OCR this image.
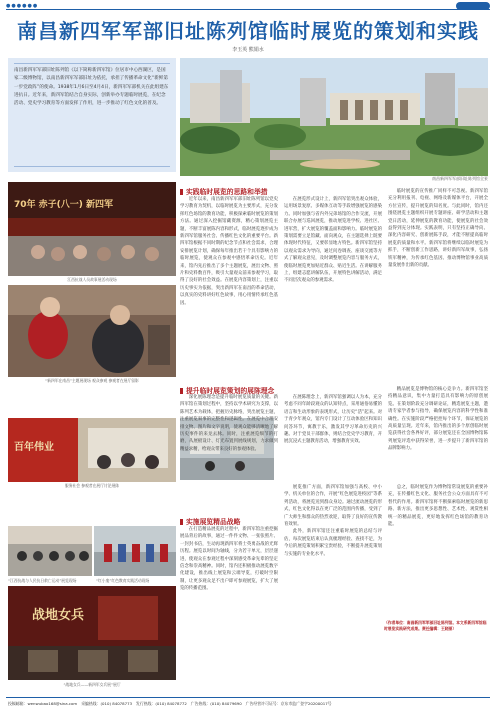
●●●●●●
南昌新四军军部旧址陈列馆临时展览的策划和实践
李玉英 熊娟水
南昌新四军军部旧址陈列馆《以下简称新四军馆》位居市中心西湖区，是国家二级博物馆，以南昌新四军军部旧址为依托，承担了传播革命文化“新鲜第一步党政阵”的使命。1938年1月6日至4月4日，新四军军部机关在此组建东进抗日。近年来，新四军馆结合自身实际，创新举办专题临时展览，在纪念活动、党史学习教育等方面发挥了作用，进一步推动了红色文化的普及。
南昌新四军军部旧址陈列馆全景
70年 赤子(八一) 新四军
江西抗战人员故事展活动现场
“新四军在南昌”主题展现场 观众参观 参观者在展厅留影
百年伟业
服务社会 参观者在展厅讨论展陈
“江西抗战与人民抗日救亡运动”展览现场	“红小鬼”红色教育实践活动现场
战地女兵
“战地女兵——新四军女兵展”展厅
实践临时展览的思路和举措

近年以来，南昌新四军军部旧址陈列馆以党史学习教育为契机，以临时展览为主要形式，充分发挥红色场馆的教育功能，积极探索临时展览的策划方法。通过深入挖掘馆藏资源，精心策划展览主题，不断丰富展陈内容和形式，临时展览逐步成为新四军馆服务社会、传播红色文化的重要平台。新四军馆根据不同时期的纪念节点和社会需求，合理安排展览计划，确保每年推出若干个具有影响力的临时展览，使观众在参观中感悟革命历史。近年来，馆内先后推出了多个主题展览，展出文物、照片和史料数百件，吸引大量观众前来参观学习，取得了良好的社会效益。在展览内容策划上，注重以历史事实为依据，突出新四军在南昌的革命活动，以真实的史料讲好红色故事，用心用情传承红色基因。

在展览形式设计上，新四军馆突出观众体验，运用场景复原、多媒体互动等手段增强展览的感染力。同时加强与省内外兄弟场馆的合作交流，开展联合办展与巡回展览，推动展览进学校、进社区、进军营，扩大展览的覆盖面和影响力。临时展览的策划需要立足馆藏、面向观众，在主题选择上既要体现时代特征，又要彰显地方特色。新四军馆坚持以观众需求为导向，通过问卷调查、座谈交流等方式了解观众意见，及时调整展览内容与服务方式，使临时展览更加贴近群众、贴近生活。在讲解服务上，组建志愿讲解队伍，开展特色讲解活动，满足不同层次观众的参观需求。

临时展览的宣传推广同样不可忽视。新四军馆充分利用报刊、电视、网络及新媒体平台，开展全方位宣传，提升展览的知名度。与此同时，馆内还围绕展览主题组织开展专题讲座、研学活动和主题党日活动，延伸展览的教育功能，使展览的社会效益得到充分体现。实践表明，只有坚持正确导向、深化内容研究、创新展陈手段，才能不断提高临时展览的质量和水平。新四军馆将继续以临时展览为抓手，不断创新工作思路，讲好新四军故事，弘扬铁军精神，为传承红色基因、推动博物馆事业高质量发展作出新的贡献。

提升临时展览策划的展陈理念

深化展陈理念是提升临时展览质量的关键。新四军馆在策划过程中，坚持以学术研究为支撑，以陈列艺术为载体，把握历史脉络，突出展览主题，注重展览叙事的完整性和逻辑性。在展览中合理安排文物、图片和文字说明，使观众能够清晰地了解历史事件的来龙去脉。同时，注重展览细节的打磨，从展板设计、灯光布置到展线规划，力求做到精益求精，给观众带来良好的参观体验。

在展陈理念上，新四军馆强调以人为本，充分考虑不同年龄段观众的认知特点，采用通俗易懂的语言和生动形象的表现形式，让历史“活”起来。对于青少年观众，馆内专门设计了互动体验区和知识问答环节，寓教于乐，激发其学习革命历史的兴趣。对于党员干部群体，则结合党史学习教育，开展沉浸式主题教育活动，增强教育实效。

精品展览是博物馆的核心竞争力。新四军馆坚持精品意识，集中力量打造具有影响力的原创展览。在策划阶段充分调研论证，精选展览主题，邀请专家学者参与指导，确保展览内容的科学性和准确性。在实施阶段严格把控每个环节，保证展览的高质量呈现。近年来，馆内推出的多个原创临时展览获得社会各界好评，部分展览还在全国博物馆陈列展览评选中获得荣誉，进一步提升了新四军馆的品牌影响力。

实施展览精品战略

在打造精品展览的过程中，新四军馆注重挖掘展品背后的故事，通过一件件文物、一张张照片、一封封书信，生动再现新四军将士英勇奋战的光辉历程。展览以时间为轴线，分为若干单元，层层递进，使观众在参观过程中深刻感受革命先辈的坚定信念和崇高精神。同时，馆内还积极推动展览数字化建设，推出线上展览和云端导览，打破时空限制，让更多观众足不出户即可参观展览，扩大了展览的传播范围。

展览推广方面，新四军馆加强与高校、中小学、机关单位的合作，开展“红色展览进校园”等系列活动，将展览送到群众身边。通过流动展览的形式，红色文化得以在更广泛的范围内传播，受到了广大师生和群众的热烈欢迎，取得了良好的宣传教育效果。

此外，新四军馆还注重临时展览的总结与评估，每次展览结束后认真梳理经验、查找不足，为今后的展览策划积累宝贵经验，不断提升展览策划与实施的专业化水平。

总之，临时展览作为博物馆常设展览的重要补充，在传播红色文化、服务社会公众方面具有不可替代的作用。新四军馆将不断探索临时展览的新思路、新方法，推出更多思想性、艺术性、观赏性相统一的精品展览，更好地发挥红色场馆的教育功能。

（作者单位：南昌新四军军部旧址陈列馆。本文系新四军馆临时展览实践研究成果。责任编辑：王晓丽）
投稿邮箱：wenwubao168@sina.com　采编热线：(010) 84078773　发行热线：(010) 84078772　广告热线：(010) 84079690　广告经营许可证号：京东市监广登字20200017号
